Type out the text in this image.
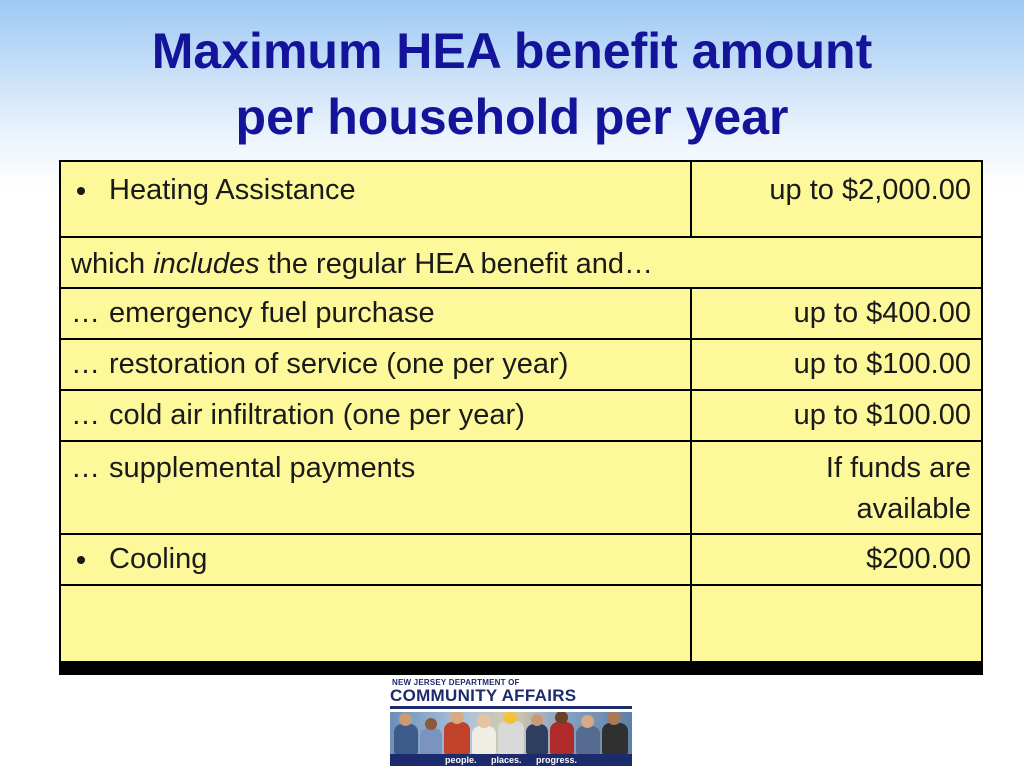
Maximum HEA benefit amount
per household per year
Heating Assistance	up to $2,000.00
which includes the regular HEA benefit and…
… emergency fuel purchase	up to $400.00
… restoration of service (one per year)	up to $100.00
… cold air infiltration (one per year)	up to $100.00
… supplemental payments	If funds are
available
Cooling	$200.00
NEW JERSEY DEPARTMENT OF
COMMUNITY AFFAIRS
people. places. progress.
